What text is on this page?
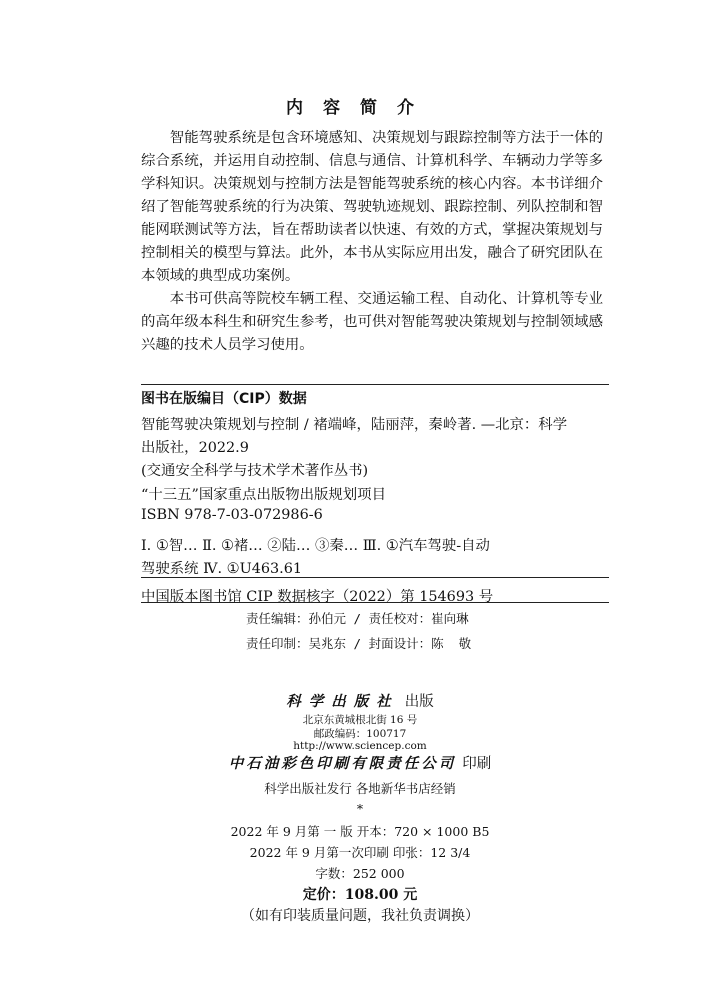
内容简介

智能驾驶系统是包含环境感知、决策规划与跟踪控制等方法于一体的综合系统，并运用自动控制、信息与通信、计算机科学、车辆动力学等多学科知识。决策规划与控制方法是智能驾驶系统的核心内容。本书详细介绍了智能驾驶系统的行为决策、驾驶轨迹规划、跟踪控制、列队控制和智能网联测试等方法，旨在帮助读者以快速、有效的方式，掌握决策规划与控制相关的模型与算法。此外，本书从实际应用出发，融合了研究团队在本领域的典型成功案例。

本书可供高等院校车辆工程、交通运输工程、自动化、计算机等专业的高年级本科生和研究生参考，也可供对智能驾驶决策规划与控制领域感兴趣的技术人员学习使用。

图书在版编目（CIP）数据
智能驾驶决策规划与控制 / 褚端峰，陆丽萍，秦岭著. —北京：科学
出版社，2022.9
(交通安全科学与技术学术著作丛书)
“十三五”国家重点出版物出版规划项目
ISBN 978-7-03-072986-6
Ⅰ. ①智… Ⅱ. ①褚… ②陆… ③秦… Ⅲ. ①汽车驾驶-自动
驾驶系统 Ⅳ. ①U463.61
中国版本图书馆 CIP 数据核字（2022）第 154693 号
责任编辑：孙伯元 / 责任校对：崔向琳
责任印制：吴兆东 / 封面设计：陈  敬
科学出版社 出版
北京东黄城根北街 16 号
邮政编码：100717
http://www.sciencep.com
中石油彩色印刷有限责任公司 印刷
科学出版社发行 各地新华书店经销
*
2022 年 9 月第 一 版 开本：720 × 1000 B5
2022 年 9 月第一次印刷 印张：12 3/4
字数：252 000
定价：108.00 元
（如有印装质量问题，我社负责调换）
